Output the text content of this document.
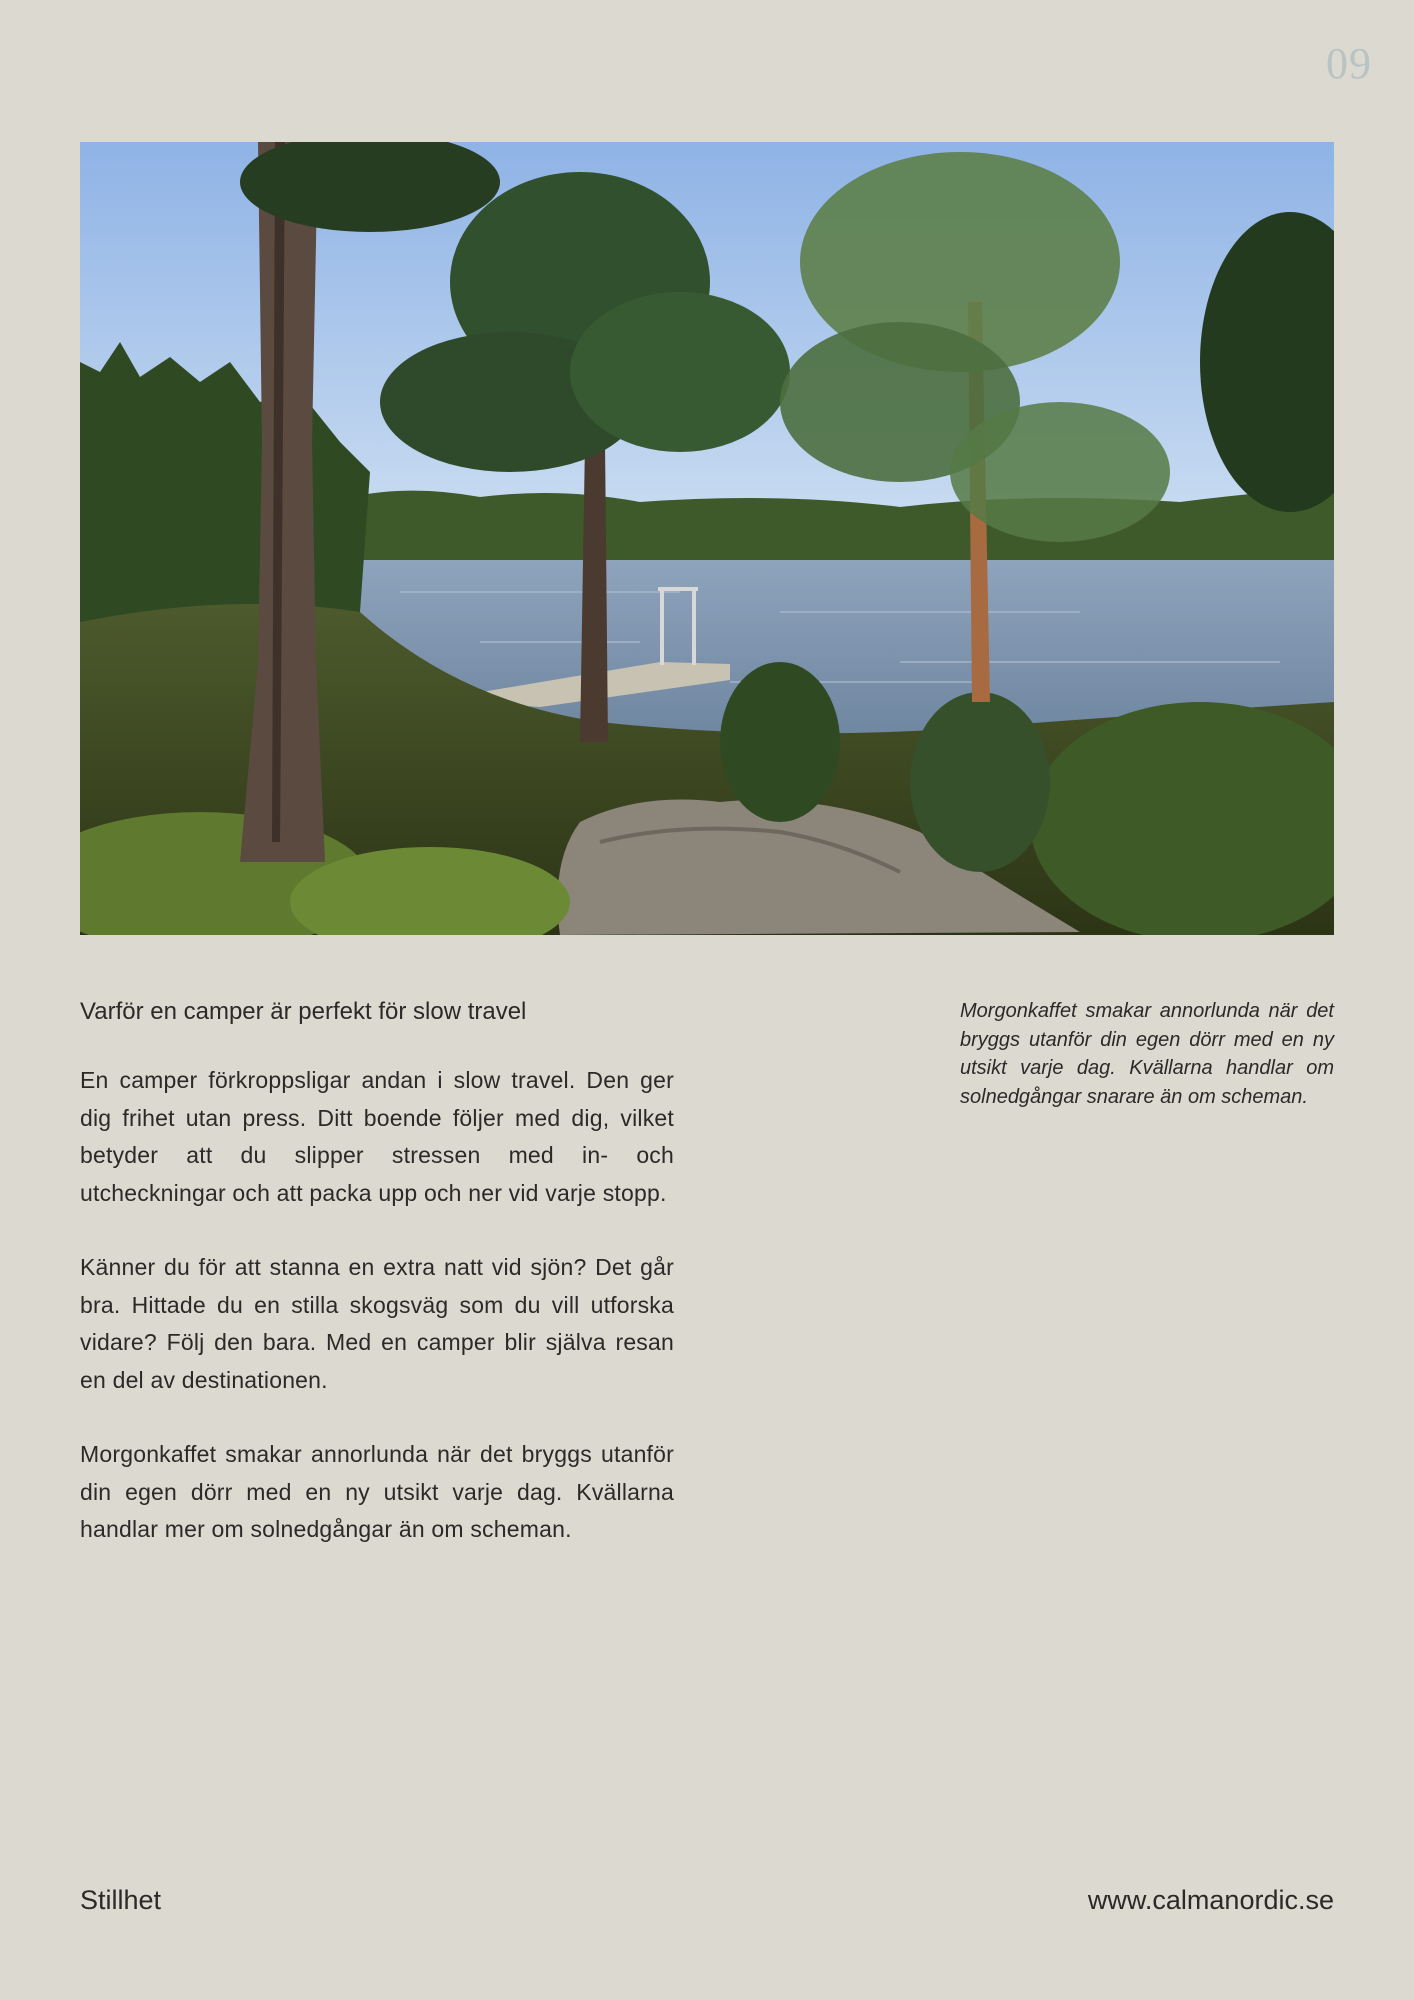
09
Varför en camper är perfekt för slow travel

En camper förkroppsligar andan i slow travel. Den ger dig frihet utan press. Ditt boende följer med dig, vilket betyder att du slipper stressen med in- och utcheckningar och att packa upp och ner vid varje stopp.

Känner du för att stanna en extra natt vid sjön? Det går bra. Hittade du en stilla skogsväg som du vill utforska vidare? Följ den bara. Med en camper blir själva resan en del av destinationen.

Morgonkaffet smakar annorlunda när det bryggs utanför din egen dörr med en ny utsikt varje dag. Kvällarna handlar mer om solnedgångar än om scheman.

Morgonkaffet smakar annorlunda när det bryggs utanför din egen dörr med en ny utsikt varje dag. Kvällarna handlar om solnedgångar snarare än om scheman.

Stillhet	www.calmanordic.se
